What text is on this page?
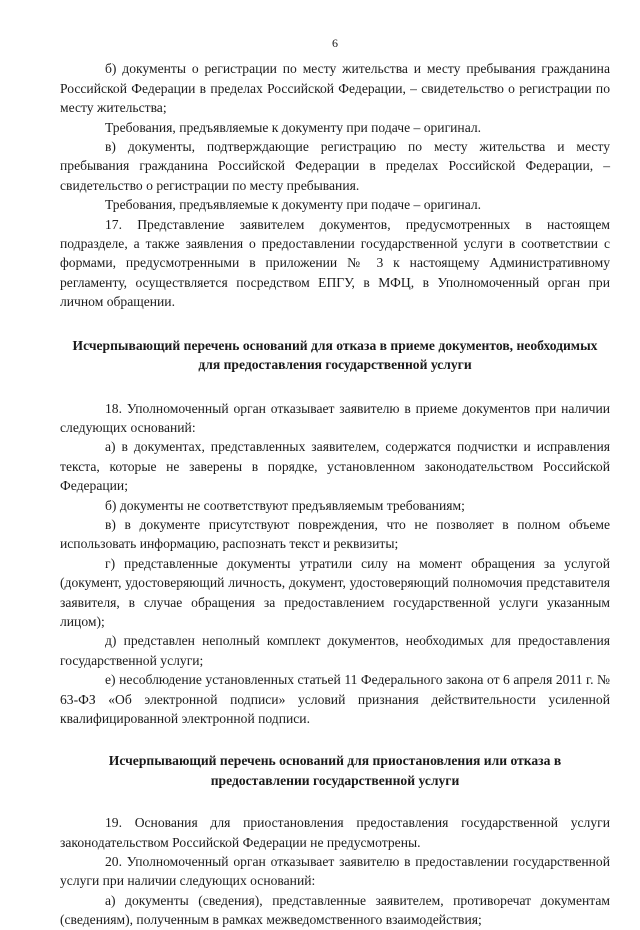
6

б) документы о регистрации по месту жительства и месту пребывания гражданина Российской Федерации в пределах Российской Федерации, – свидетельство о регистрации по месту жительства;

Требования, предъявляемые к документу при подаче – оригинал.

в) документы, подтверждающие регистрацию по месту жительства и месту пребывания гражданина Российской Федерации в пределах Российской Федерации, – свидетельство о регистрации по месту пребывания.

Требования, предъявляемые к документу при подаче – оригинал.

17. Представление заявителем документов, предусмотренных в настоящем подразделе, а также заявления о предоставлении государственной услуги в соответствии с формами, предусмотренными в приложении № 3 к настоящему Административному регламенту, осуществляется посредством ЕПГУ, в МФЦ, в Уполномоченный орган при личном обращении.

Исчерпывающий перечень оснований для отказа в приеме документов, необходимых для предоставления государственной услуги

18. Уполномоченный орган отказывает заявителю в приеме документов при наличии следующих оснований:

а) в документах, представленных заявителем, содержатся подчистки и исправления текста, которые не заверены в порядке, установленном законодательством Российской Федерации;

б) документы не соответствуют предъявляемым требованиям;

в) в документе присутствуют повреждения, что не позволяет в полном объеме использовать информацию, распознать текст и реквизиты;

г) представленные документы утратили силу на момент обращения за услугой (документ, удостоверяющий личность, документ, удостоверяющий полномочия представителя заявителя, в случае обращения за предоставлением государственной услуги указанным лицом);

д) представлен неполный комплект документов, необходимых для предоставления государственной услуги;

е) несоблюдение установленных статьей 11 Федерального закона от 6 апреля 2011 г. № 63-ФЗ «Об электронной подписи» условий признания действительности усиленной квалифицированной электронной подписи.

Исчерпывающий перечень оснований для приостановления или отказа в предоставлении государственной услуги

19. Основания для приостановления предоставления государственной услуги законодательством Российской Федерации не предусмотрены.

20. Уполномоченный орган отказывает заявителю в предоставлении государственной услуги при наличии следующих оснований:

а) документы (сведения), представленные заявителем, противоречат документам (сведениям), полученным в рамках межведомственного взаимодействия;
